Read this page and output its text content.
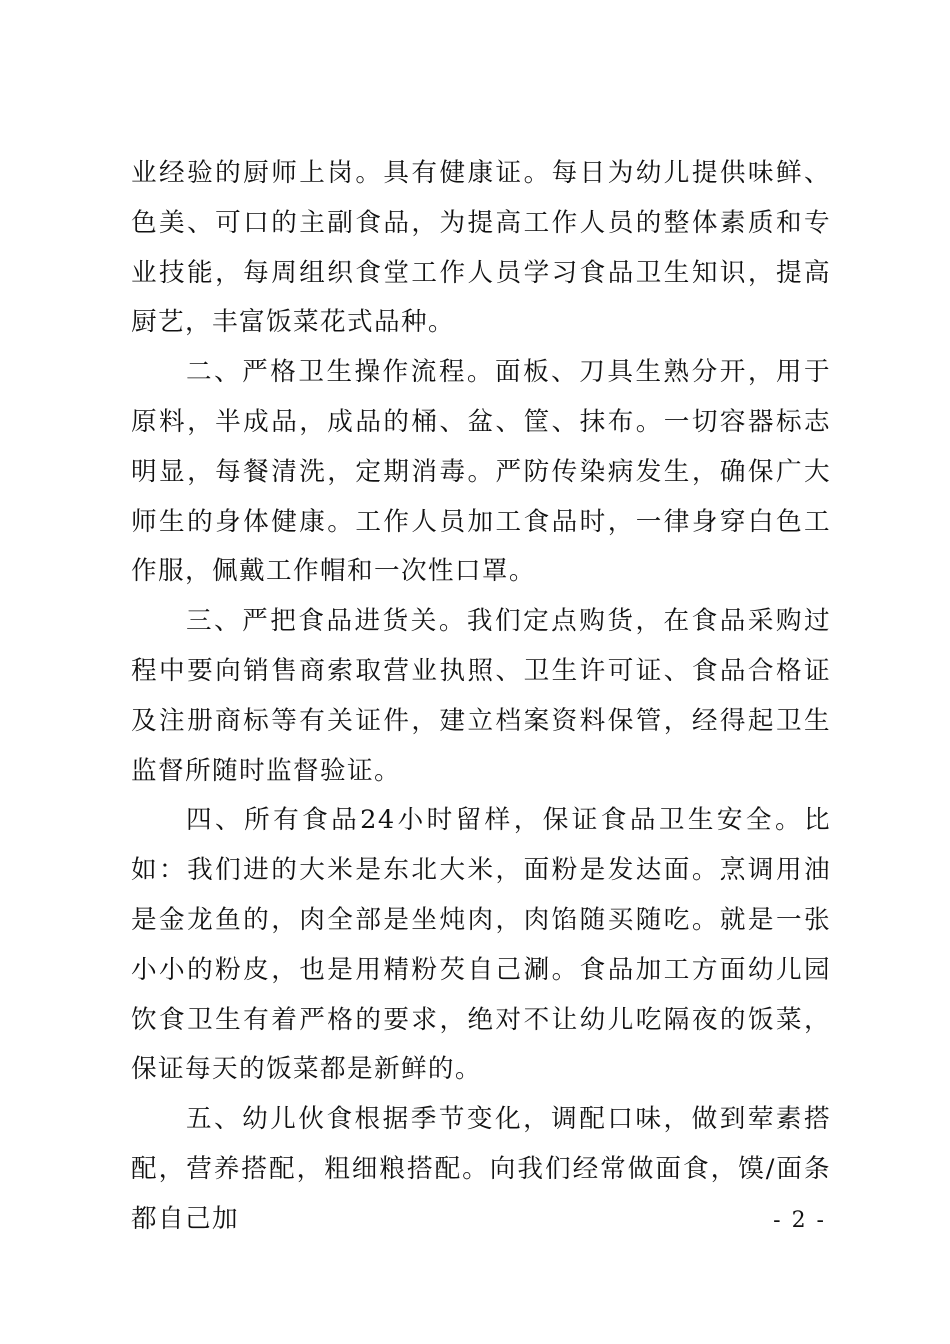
业经验的厨师上岗。具有健康证。每日为幼儿提供味鲜、色美、可口的主副食品，为提高工作人员的整体素质和专业技能，每周组织食堂工作人员学习食品卫生知识，提高厨艺，丰富饭菜花式品种。

二、严格卫生操作流程。面板、刀具生熟分开，用于原料，半成品，成品的桶、盆、筐、抹布。一切容器标志明显，每餐清洗，定期消毒。严防传染病发生，确保广大师生的身体健康。工作人员加工食品时，一律身穿白色工作服，佩戴工作帽和一次性口罩。

三、严把食品进货关。我们定点购货，在食品采购过程中要向销售商索取营业执照、卫生许可证、食品合格证及注册商标等有关证件，建立档案资料保管，经得起卫生监督所随时监督验证。

四、所有食品24小时留样，保证食品卫生安全。比如：我们进的大米是东北大米，面粉是发达面。烹调用油是金龙鱼的，肉全部是坐炖肉，肉馅随买随吃。就是一张小小的粉皮，也是用精粉芡自己涮。食品加工方面幼儿园饮食卫生有着严格的要求，绝对不让幼儿吃隔夜的饭菜，保证每天的饭菜都是新鲜的。

五、幼儿伙食根据季节变化，调配口味，做到荤素搭配，营养搭配，粗细粮搭配。向我们经常做面食，馍/面条都自己加	- 2 -
